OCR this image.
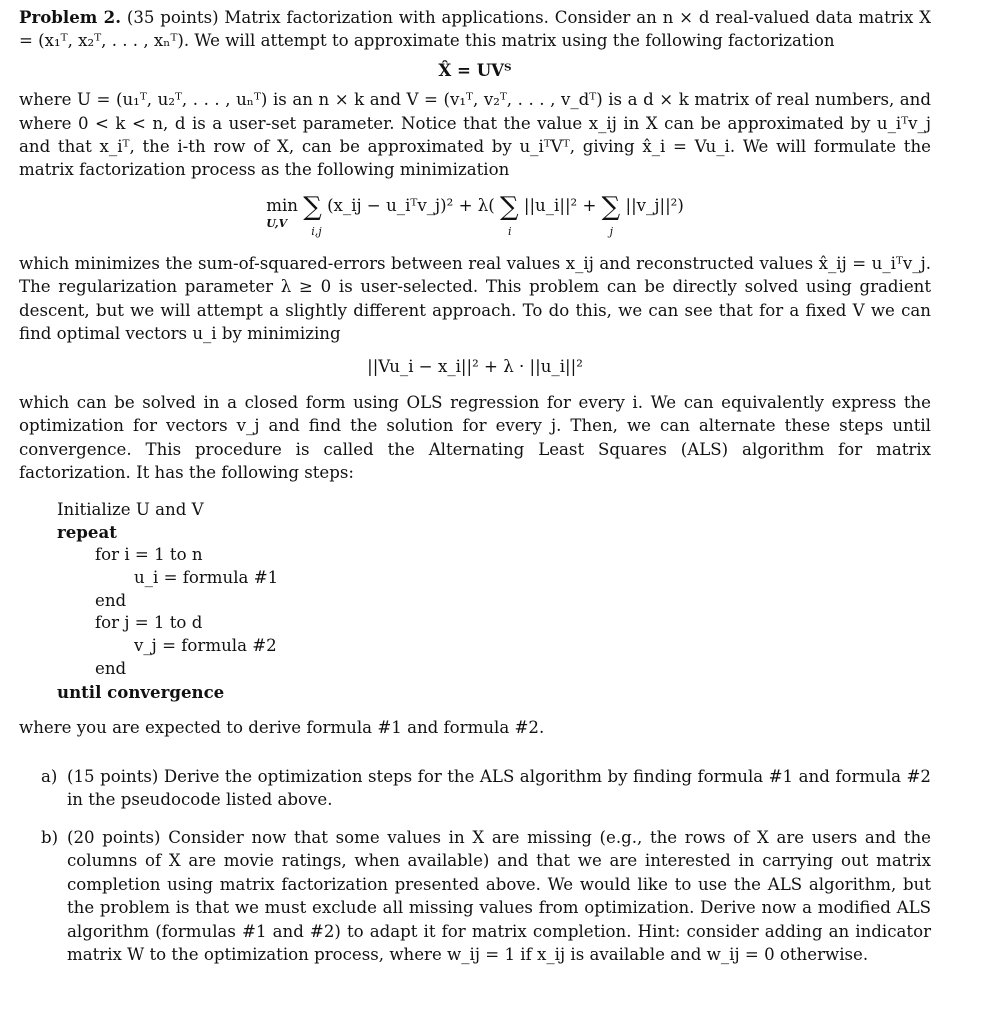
Problem 2. (35 points) Matrix factorization with applications. Consider an n × d real-valued data matrix X = (x₁ᵀ, x₂ᵀ, . . . , xₙᵀ). We will attempt to approximate this matrix using the following factorization

X̂ = UVᵀ

where U = (u₁ᵀ, u₂ᵀ, . . . , uₙᵀ) is an n × k and V = (v₁ᵀ, v₂ᵀ, . . . , v_dᵀ) is a d × k matrix of real numbers, and where 0 < k < n, d is a user-set parameter. Notice that the value x_ij in X can be approximated by u_iᵀv_j and that x_iᵀ, the i-th row of X, can be approximated by u_iᵀVᵀ, giving x̂_i = Vu_i. We will formulate the matrix factorization process as the following minimization

min
U,V
∑
i,j
(x_ij − u_iᵀv_j)² + λ( ∑
i
||u_i||² + ∑
j
||v_j||²)

which minimizes the sum-of-squared-errors between real values x_ij and reconstructed values x̂_ij = u_iᵀv_j. The regularization parameter λ ≥ 0 is user-selected. This problem can be directly solved using gradient descent, but we will attempt a slightly different approach. To do this, we can see that for a fixed V we can find optimal vectors u_i by minimizing

||Vu_i − x_i||² + λ · ||u_i||²

which can be solved in a closed form using OLS regression for every i. We can equivalently express the optimization for vectors v_j and find the solution for every j. Then, we can alternate these steps until convergence. This procedure is called the Alternating Least Squares (ALS) algorithm for matrix factorization. It has the following steps:

Initialize U and V
repeat
for i = 1 to n
u_i = formula #1
end
for j = 1 to d
v_j = formula #2
end
until convergence

where you are expected to derive formula #1 and formula #2.

a) (15 points) Derive the optimization steps for the ALS algorithm by finding formula #1 and formula #2 in the pseudocode listed above.
b) (20 points) Consider now that some values in X are missing (e.g., the rows of X are users and the columns of X are movie ratings, when available) and that we are interested in carrying out matrix completion using matrix factorization presented above. We would like to use the ALS algorithm, but the problem is that we must exclude all missing values from optimization. Derive now a modified ALS algorithm (formulas #1 and #2) to adapt it for matrix completion. Hint: consider adding an indicator matrix W to the optimization process, where w_ij = 1 if x_ij is available and w_ij = 0 otherwise.
